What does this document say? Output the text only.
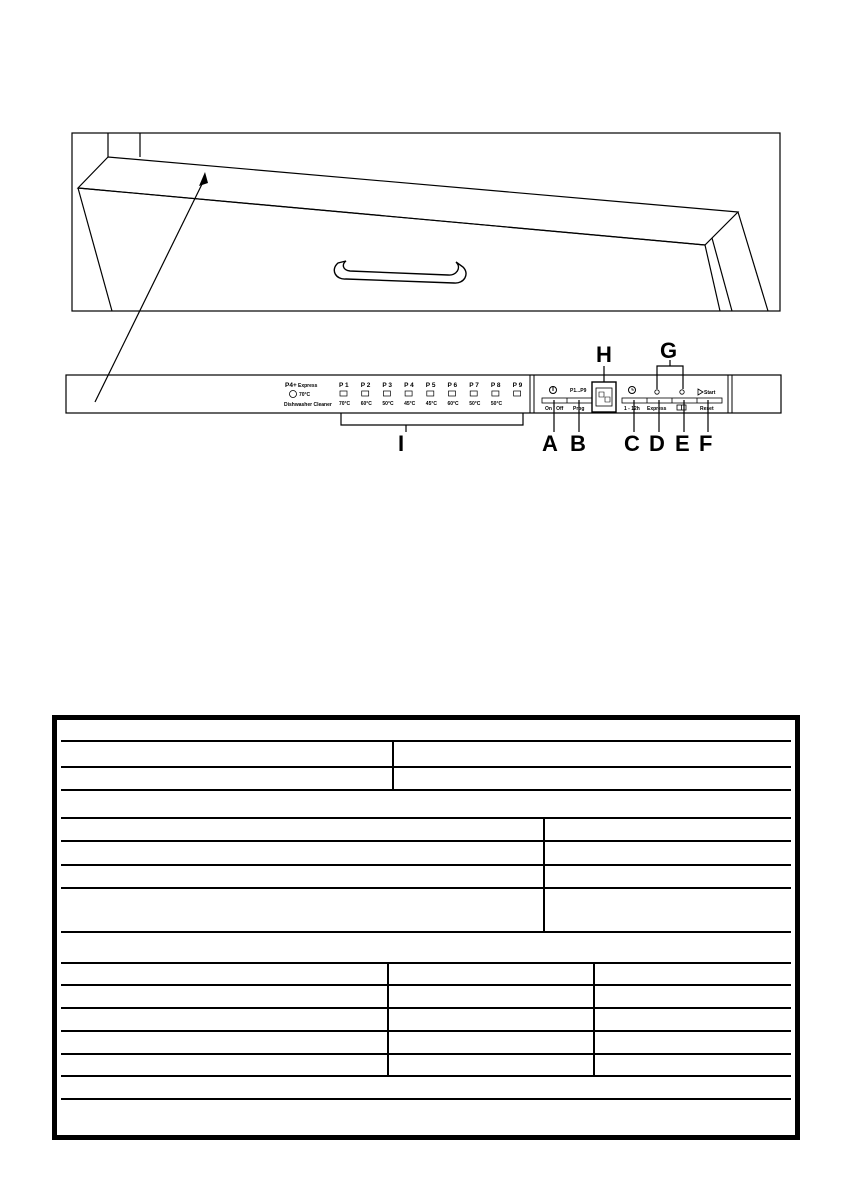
P4+ Express
70°C
Dishwasher Cleaner
P 1
70°C
P 2
60°C
P 3
50°C
P 4
45°C
P 5
45°C
P 6
60°C
P 7
50°C
P 8
50°C
P 9
On / Off
P1...P9
Prog	1 - 12h Express
Start
Reset
I	A B C D E F
G
H
